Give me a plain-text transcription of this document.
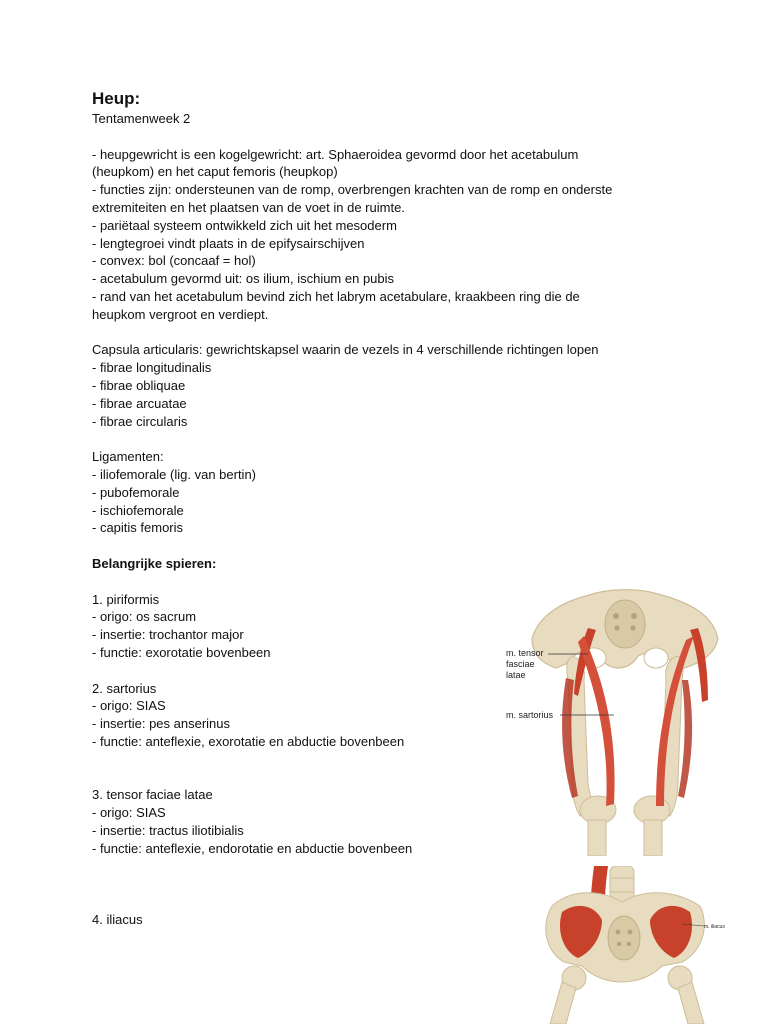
Heup:
Tentamenweek 2
- heupgewricht is een kogelgewricht: art. Sphaeroidea gevormd door het acetabulum
(heupkom) en het caput femoris (heupkop)
- functies zijn: ondersteunen van de romp, overbrengen krachten van de romp en onderste
extremiteiten en het plaatsen van de voet in de ruimte.
- pariëtaal systeem ontwikkeld zich uit het mesoderm
- lengtegroei vindt plaats in de epifysairschijven
- convex: bol (concaaf = hol)
- acetabulum gevormd uit: os ilium, ischium en pubis
- rand van het acetabulum bevind zich het labrym acetabulare, kraakbeen ring die de
heupkom vergroot en verdiept.
Capsula articularis: gewrichtskapsel waarin de vezels in 4 verschillende richtingen lopen
- fibrae longitudinalis
- fibrae obliquae
- fibrae arcuatae
- fibrae circularis
Ligamenten:
- iliofemorale (lig. van bertin)
- pubofemorale
- ischiofemorale
- capitis femoris
Belangrijke spieren:
1. piriformis
- origo: os sacrum
- insertie: trochantor major
- functie: exorotatie bovenbeen
2. sartorius
- origo: SIAS
- insertie: pes anserinus
- functie: anteflexie, exorotatie en abductie bovenbeen
3. tensor faciae latae
- origo: SIAS
- insertie: tractus iliotibialis
- functie: anteflexie, endorotatie en abductie bovenbeen
4. iliacus
m. tensor
fasciae
latae
m. sartorius
m. iliacus
